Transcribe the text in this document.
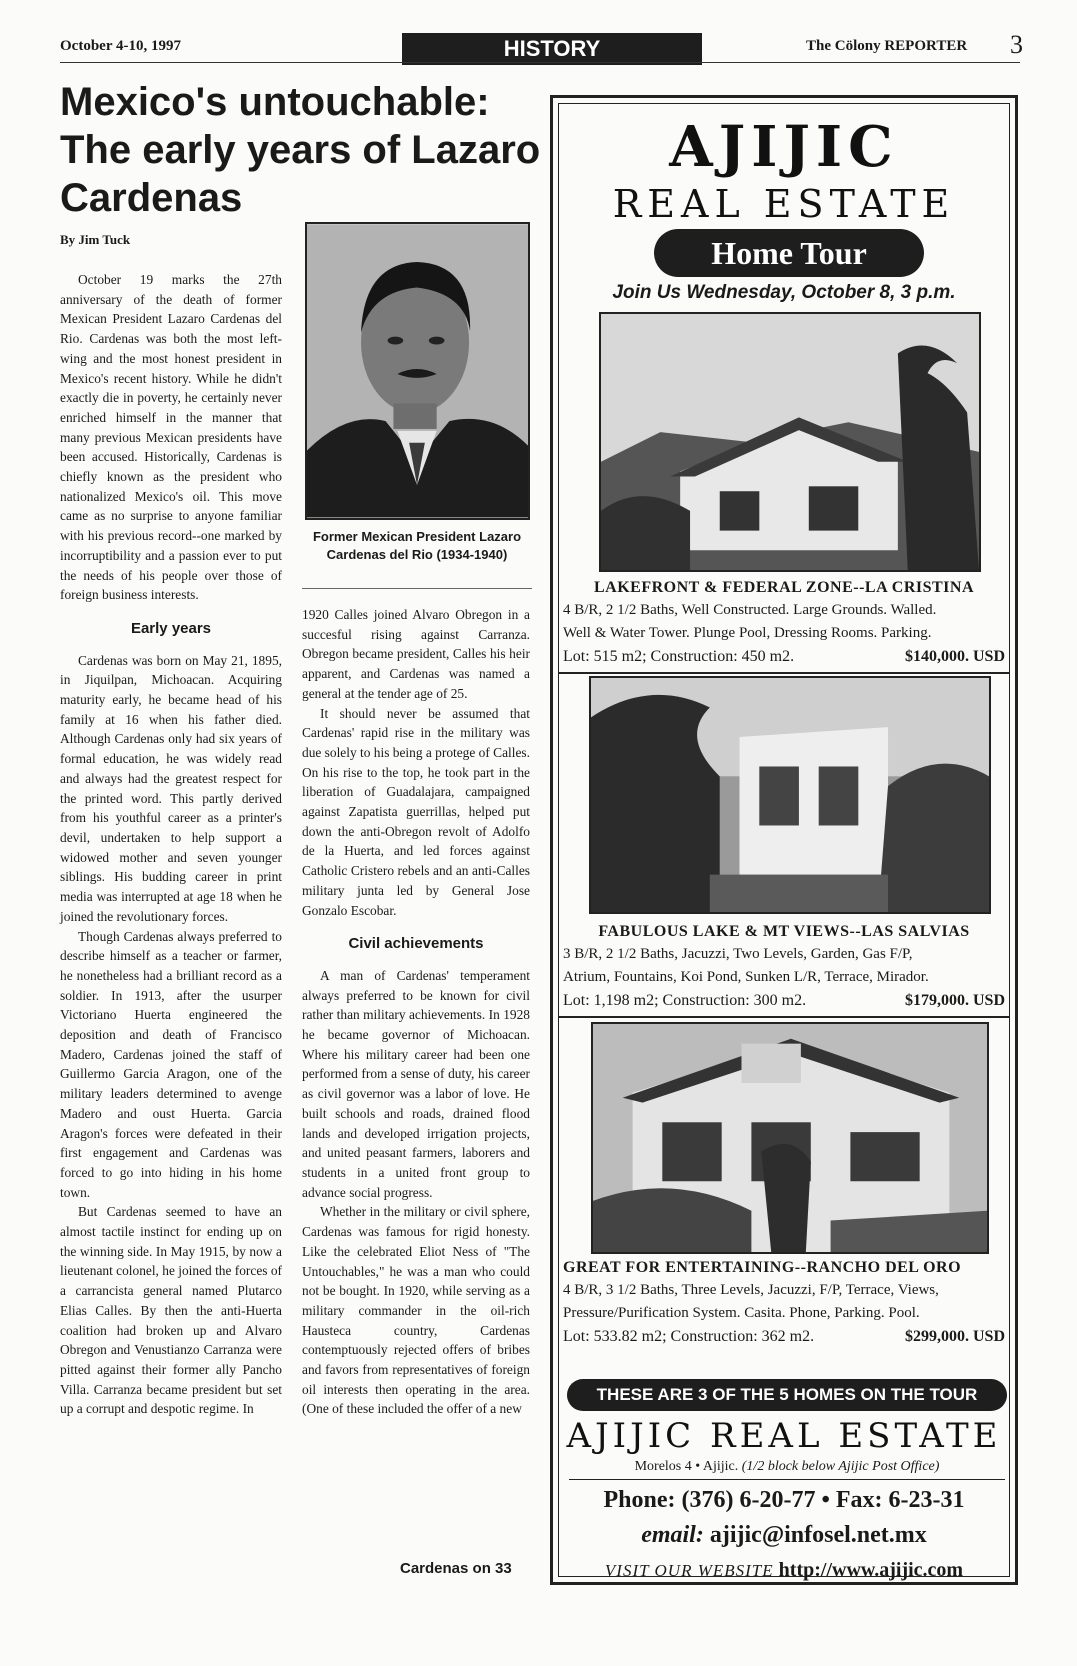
October 4-10, 1997	HISTORY	The Cölony REPORTER 3
Mexico's untouchable: The early years of Lazaro Cardenas
By Jim Tuck

October 19 marks the 27th anniversary of the death of former Mexican President Lazaro Cardenas del Rio. Cardenas was both the most left-wing and the most honest president in Mexico's recent history. While he didn't exactly die in poverty, he certainly never enriched himself in the manner that many previous Mexican presidents have been accused. Historically, Cardenas is chiefly known as the president who nationalized Mexico's oil. This move came as no surprise to anyone familiar with his previous record--one marked by incorruptibility and a passion ever to put the needs of his people over those of foreign business interests.

Early years

Cardenas was born on May 21, 1895, in Jiquilpan, Michoacan. Acquiring maturity early, he became head of his family at 16 when his father died. Although Cardenas only had six years of formal education, he was widely read and always had the greatest respect for the printed word. This partly derived from his youthful career as a printer's devil, undertaken to help support a widowed mother and seven younger siblings. His budding career in print media was interrupted at age 18 when he joined the revolutionary forces.

Though Cardenas always preferred to describe himself as a teacher or farmer, he nonetheless had a brilliant record as a soldier. In 1913, after the usurper Victoriano Huerta engineered the deposition and death of Francisco Madero, Cardenas joined the staff of Guillermo Garcia Aragon, one of the military leaders determined to avenge Madero and oust Huerta. Garcia Aragon's forces were defeated in their first engagement and Cardenas was forced to go into hiding in his home town.

But Cardenas seemed to have an almost tactile instinct for ending up on the winning side. In May 1915, by now a lieutenant colonel, he joined the forces of a carrancista general named Plutarco Elias Calles. By then the anti-Huerta coalition had broken up and Alvaro Obregon and Venustianzo Carranza were pitted against their former ally Pancho Villa. Carranza became president but set up a corrupt and despotic regime. In

Former Mexican President Lazaro Cardenas del Rio (1934-1940)

1920 Calles joined Alvaro Obregon in a succesful rising against Carranza. Obregon became president, Calles his heir apparent, and Cardenas was named a general at the tender age of 25.

It should never be assumed that Cardenas' rapid rise in the military was due solely to his being a protege of Calles. On his rise to the top, he took part in the liberation of Guadalajara, campaigned against Zapatista guerrillas, helped put down the anti-Obregon revolt of Adolfo de la Huerta, and led forces against Catholic Cristero rebels and an anti-Calles military junta led by General Jose Gonzalo Escobar.

Civil achievements

A man of Cardenas' temperament always preferred to be known for civil rather than military achievements. In 1928 he became governor of Michoacan. Where his military career had been one performed from a sense of duty, his career as civil governor was a labor of love. He built schools and roads, drained flood lands and developed irrigation projects, and united peasant farmers, laborers and students in a united front group to advance social progress.

Whether in the military or civil sphere, Cardenas was famous for rigid honesty. Like the celebrated Eliot Ness of "The Untouchables," he was a man who could not be bought. In 1920, while serving as a military commander in the oil-rich Hausteca country, Cardenas contemptuously rejected offers of bribes and favors from representatives of foreign oil interests then operating in the area. (One of these included the offer of a new

Cardenas on 33
AJIJIC
REAL ESTATE
Home Tour
Join Us Wednesday, October 8, 3 p.m.
LAKEFRONT & FEDERAL ZONE--LA CRISTINA
4 B/R, 2 1/2 Baths, Well Constructed. Large Grounds. Walled.
Well & Water Tower. Plunge Pool, Dressing Rooms. Parking.
Lot: 515 m2; Construction: 450 m2.	$140,000. USD
FABULOUS LAKE & MT VIEWS--LAS SALVIAS
3 B/R, 2 1/2 Baths, Jacuzzi, Two Levels, Garden, Gas F/P,
Atrium, Fountains, Koi Pond, Sunken L/R, Terrace, Mirador.
Lot: 1,198 m2; Construction: 300 m2.	$179,000. USD
GREAT FOR ENTERTAINING--RANCHO DEL ORO
4 B/R, 3 1/2 Baths, Three Levels, Jacuzzi, F/P, Terrace, Views,
Pressure/Purification System. Casita. Phone, Parking. Pool.
Lot: 533.82 m2; Construction: 362 m2.	$299,000. USD
THESE ARE 3 OF THE 5 HOMES ON THE TOUR
AJIJIC REAL ESTATE
Morelos 4 • Ajijic. (1/2 block below Ajijic Post Office)
Phone: (376) 6-20-77 • Fax: 6-23-31
email: ajijic@infosel.net.mx
VISIT OUR WEBSITE http://www.ajijic.com
